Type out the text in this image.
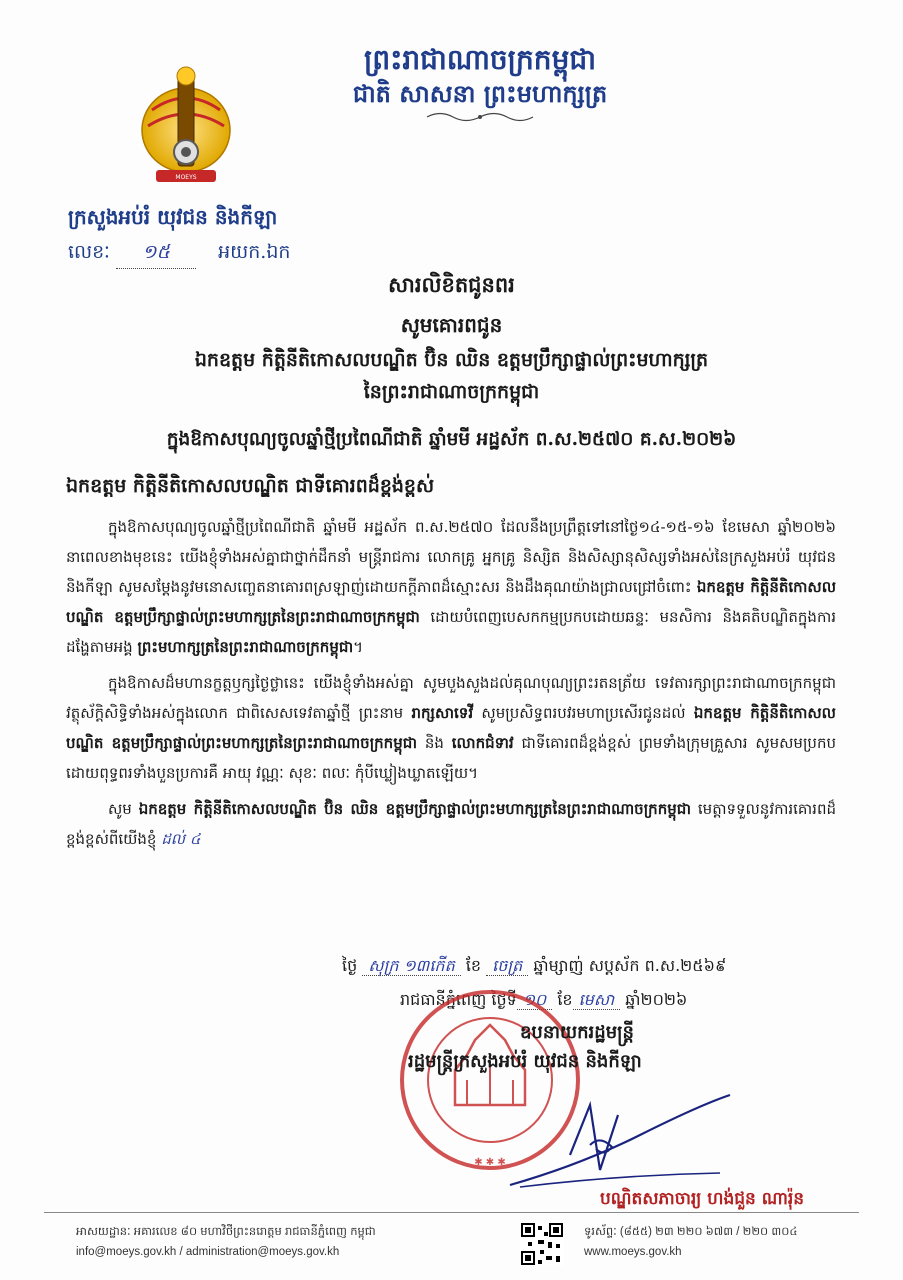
ព្រះរាជាណាចក្រកម្ពុជា
ជាតិ សាសនា ព្រះមហាក្សត្រ
MOEYS
ក្រសួងអប់រំ យុវជន និងកីឡា
លេខៈ ១៥	អយក.ឯក
សារលិខិតជូនពរ
សូមគោរពជូន
ឯកឧត្តម កិត្តិនីតិកោសលបណ្ឌិត ប៊ិន ឈិន ឧត្តមប្រឹក្សាផ្ទាល់ព្រះមហាក្សត្រ
នៃព្រះរាជាណាចក្រកម្ពុជា
ក្នុងឱកាសបុណ្យចូលឆ្នាំថ្មីប្រពៃណីជាតិ ឆ្នាំមមី អដ្ឋស័ក ព.ស.២៥៧០ គ.ស.២០២៦
ឯកឧត្តម កិត្តិនីតិកោសលបណ្ឌិត ជាទីគោរពដ៏ខ្ពង់ខ្ពស់

ក្នុងឱកាសបុណ្យចូលឆ្នាំថ្មីប្រពៃណីជាតិ ឆ្នាំមមី អដ្ឋស័ក ព.ស.២៥៧០ ដែលនឹងប្រព្រឹត្តទៅនៅថ្ងៃ១៤-១៥-១៦ ខែមេសា ឆ្នាំ២០២៦ នាពេលខាងមុខនេះ យើងខ្ញុំទាំងអស់គ្នាជាថ្នាក់ដឹកនាំ មន្ត្រីរាជការ លោកគ្រូ អ្នកគ្រូ និស្សិត និងសិស្សានុសិស្សទាំងអស់នៃក្រសួងអប់រំ យុវជន និងកីឡា សូមសម្តែងនូវមនោសញ្ចេតនាគោរពស្រឡាញ់ដោយកក្តីភាពដ៏ស្មោះសរ និងដឹងគុណយ៉ាងជ្រាលជ្រៅចំពោះ ឯកឧត្តម កិត្តិនីតិកោសលបណ្ឌិត ឧត្តមប្រឹក្សាផ្ទាល់ព្រះមហាក្សត្រនៃព្រះរាជាណាចក្រកម្ពុជា ដោយបំពេញបេសកកម្មប្រកបដោយឆន្ទៈ មនសិការ និងគតិបណ្ឌិតក្នុងការដង្ហែតាមអង្គ ព្រះមហាក្សត្រនៃព្រះរាជាណាចក្រកម្ពុជា។

ក្នុងឱកាសដ៏មហានក្ខត្តឫក្សថ្ងៃថ្លានេះ យើងខ្ញុំទាំងអស់គ្នា សូមបួងសួងដល់គុណបុណ្យព្រះរតនត្រ័យ ទេវតារក្សាព្រះរាជាណាចក្រកម្ពុជា វត្ថុស័ក្តិសិទ្ធិទាំងអស់ក្នុងលោក ជាពិសេសទេវតាឆ្នាំថ្មី ព្រះនាម រាក្សសាទេវី សូមប្រសិទ្ធពរបវរមហាប្រសើរជូនដល់ ឯកឧត្តម កិត្តិនីតិកោសលបណ្ឌិត ឧត្តមប្រឹក្សាផ្ទាល់ព្រះមហាក្សត្រនៃព្រះរាជាណាចក្រកម្ពុជា និង លោកជំទាវ ជាទីគោរពដ៏ខ្ពង់ខ្ពស់ ព្រមទាំងក្រុមគ្រួសារ សូមសមប្រកបដោយពុទ្ធពរទាំងបួនប្រការគឺ អាយុ វណ្ណៈ សុខៈ ពលៈ កុំបីឃ្លៀងឃ្លាតឡើយ។

សូម ឯកឧត្តម កិត្តិនីតិកោសលបណ្ឌិត ប៊ិន ឈិន ឧត្តមប្រឹក្សាផ្ទាល់ព្រះមហាក្សត្រនៃព្រះរាជាណាចក្រកម្ពុជា មេត្តាទទួលនូវការគោរពដ៏ខ្ពង់ខ្ពស់ពីយើងខ្ញុំ ដល់ ៤

ថ្ងៃ សុក្រ ១៣កើត ខែ ចេត្រ ឆ្នាំម្សាញ់ សប្តស័ក ព.ស.២៥៦៩
រាជធានីភ្នំពេញ ថ្ងៃទី ១០ ខែ មេសា ឆ្នាំ២០២៦
✱ ✱ ✱
ឧបនាយករដ្ឋមន្ត្រី
រដ្ឋមន្ត្រីក្រសួងអប់រំ យុវជន និងកីឡា
បណ្ឌិតសភាចារ្យ ហង់ជួន ណារ៉ុន
អាសយដ្ឋានៈ អគារលេខ ៨០ មហាវិថីព្រះនរោត្តម រាជធានីភ្នំពេញ កម្ពុជា
info@moeys.gov.kh / administration@moeys.gov.kh
ទូរស័ព្ទៈ (៨៥៥) ២៣ ២២០ ៦៧៣ / ២២០ ៣០៤
www.moeys.gov.kh
